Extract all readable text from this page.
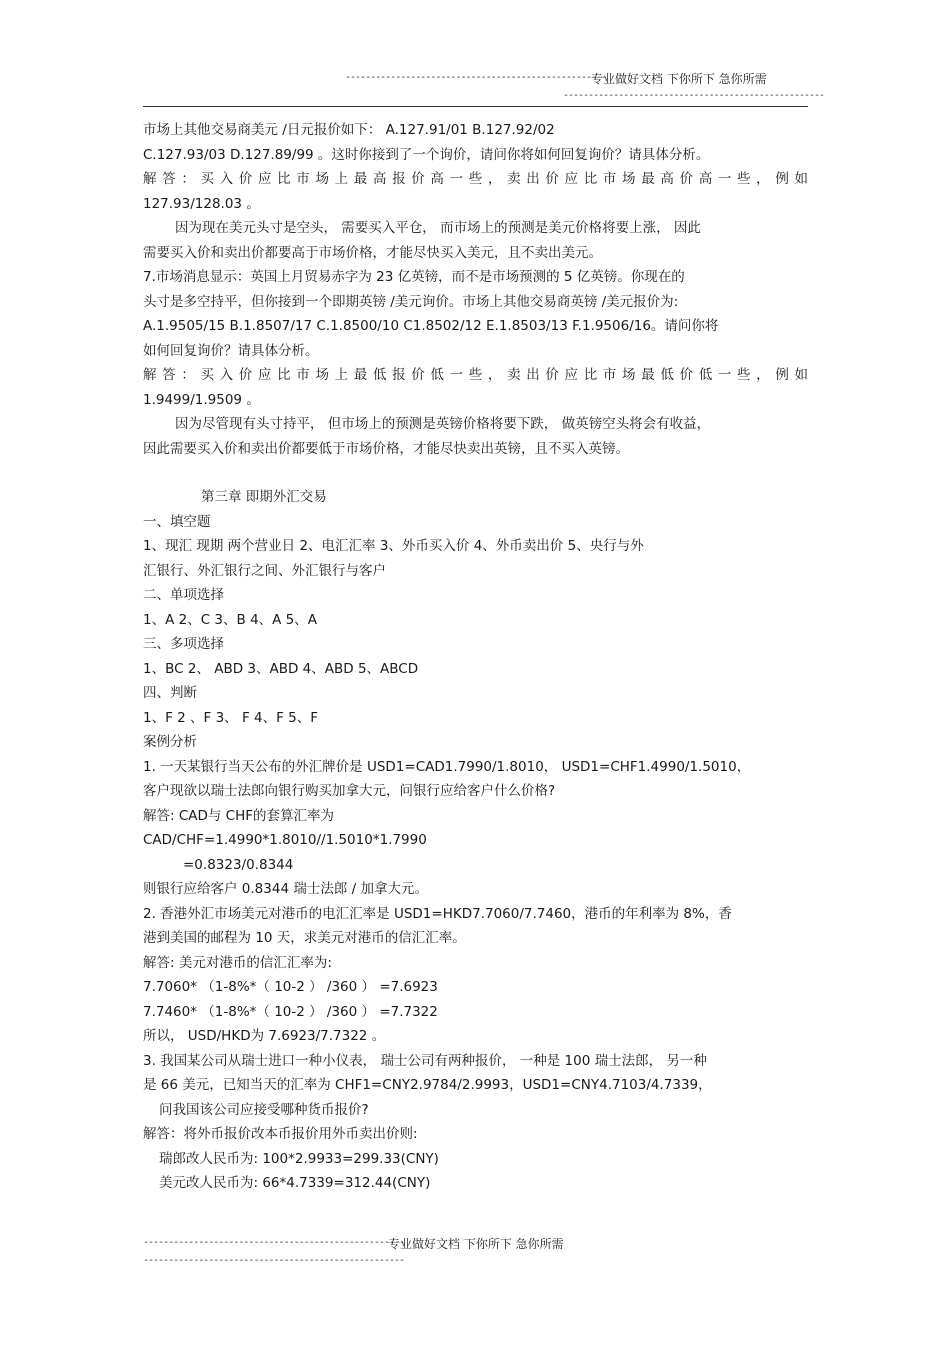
----------------------------------------------------
专业做好文档 下你所下 急你所需
----------------------------------------------------

市场上其他交易商美元 /日元报价如下： A.127.91/01 B.127.92/02

C.127.93/03 D.127.89/99 。这时你接到了一个询价，请问你将如何回复询价？请具体分析。

解答：买入价应比市场上最高报价高一些，卖出价应比市场最高价高一些，例如

127.93/128.03 。

因为现在美元头寸是空头， 需要买入平仓， 而市场上的预测是美元价格将要上涨， 因此

需要买入价和卖出价都要高于市场价格，才能尽快买入美元，且不卖出美元。

7.市场消息显示：英国上月贸易赤字为 23 亿英镑，而不是市场预测的 5 亿英镑。你现在的

头寸是多空持平，但你接到一个即期英镑 /美元询价。市场上其他交易商英镑 /美元报价为:

A.1.9505/15 B.1.8507/17 C.1.8500/10 C1.8502/12 E.1.8503/13 F.1.9506/16。请问你将

如何回复询价？请具体分析。

解答：买入价应比市场上最低报价低一些，卖出价应比市场最低价低一些，例如

1.9499/1.9509 。

因为尽管现有头寸持平， 但市场上的预测是英镑价格将要下跌， 做英镑空头将会有收益，

因此需要买入价和卖出价都要低于市场价格，才能尽快卖出英镑，且不买入英镑。

第三章 即期外汇交易

一、填空题

1、现汇 现期 两个营业日 2、电汇汇率 3、外币买入价 4、外币卖出价 5、央行与外

汇银行、外汇银行之间、外汇银行与客户

二、单项选择

1、A 2、C 3、B 4、A 5、A

三、多项选择

1、BC 2、 ABD 3、ABD 4、ABD 5、ABCD

四、判断

1、F 2 、F 3、 F 4、F 5、F

案例分析

1. 一天某银行当天公布的外汇牌价是 USD1=CAD1.7990/1.8010， USD1=CHF1.4990/1.5010，

客户现欲以瑞士法郎向银行购买加拿大元，问银行应给客户什么价格?

解答: CAD与 CHF的套算汇率为

CAD/CHF=1.4990*1.8010//1.5010*1.7990

=0.8323/0.8344

则银行应给客户 0.8344 瑞士法郎 / 加拿大元。

2. 香港外汇市场美元对港币的电汇汇率是 USD1=HKD7.7060/7.7460，港币的年利率为 8%，香

港到美国的邮程为 10 天，求美元对港币的信汇汇率。

解答: 美元对港币的信汇汇率为:

7.7060* （1-8%*（ 10-2 ） /360 ） =7.6923

7.7460* （1-8%*（ 10-2 ） /360 ） =7.7322

所以， USD/HKD为 7.6923/7.7322 。

3. 我国某公司从瑞士进口一种小仪表， 瑞士公司有两种报价， 一种是 100 瑞士法郎， 另一种

是 66 美元，已知当天的汇率为 CHF1=CNY2.9784/2.9993，USD1=CNY4.7103/4.7339，

问我国该公司应接受哪种货币报价?

解答：将外币报价改本币报价用外币卖出价则:

瑞郎改人民币为: 100*2.9933=299.33(CNY)

美元改人民币为: 66*4.7339=312.44(CNY)

----------------------------------------------------
专业做好文档 下你所下 急你所需
----------------------------------------------------
